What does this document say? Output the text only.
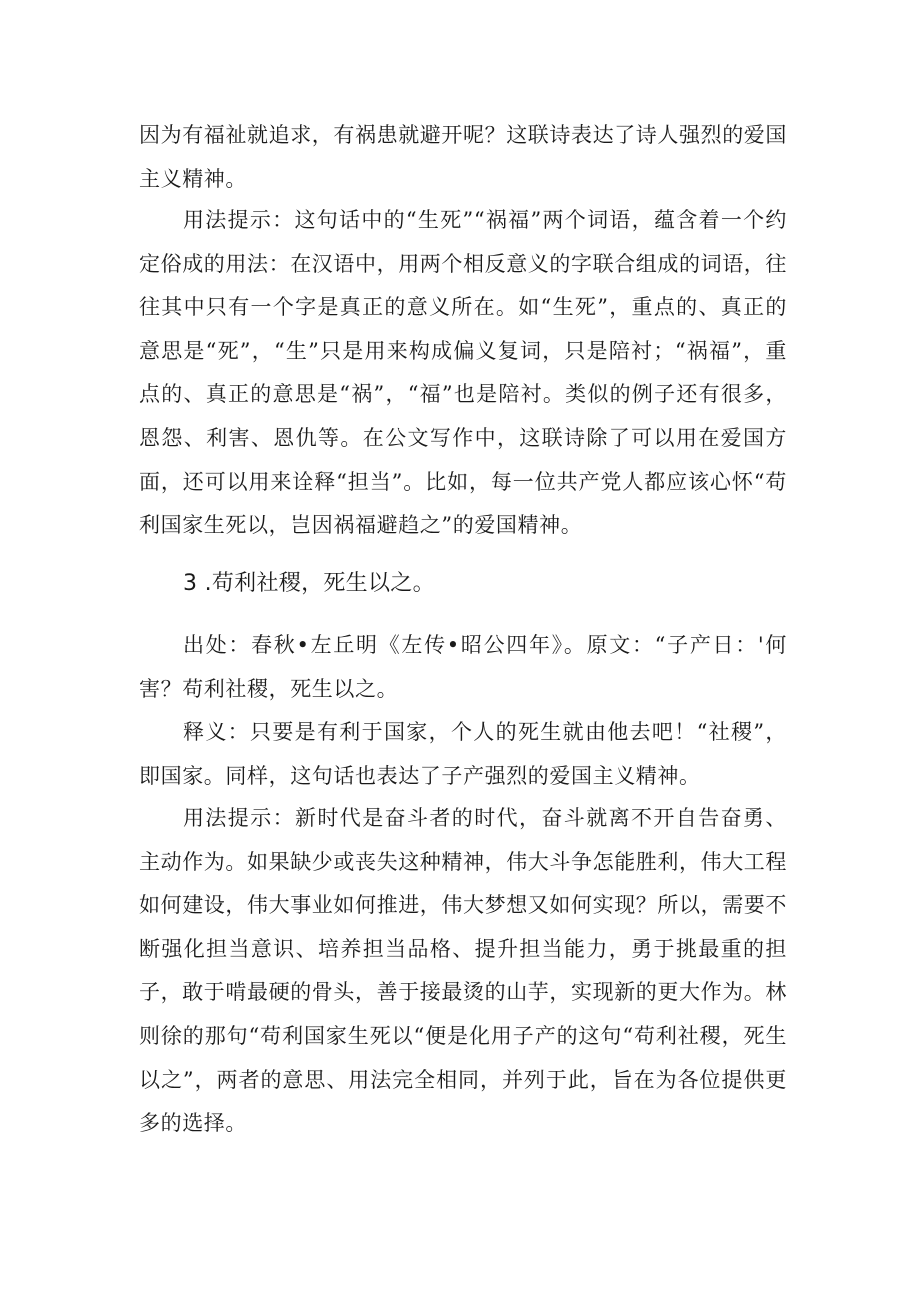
因为有福祉就追求，有祸患就避开呢？这联诗表达了诗人强烈的爱国主义精神。

用法提示：这句话中的“生死”“祸福”两个词语，蕴含着一个约定俗成的用法：在汉语中，用两个相反意义的字联合组成的词语，往往其中只有一个字是真正的意义所在。如“生死”，重点的、真正的意思是“死”，“生”只是用来构成偏义复词，只是陪衬；“祸福”，重点的、真正的意思是“祸”，“福”也是陪衬。类似的例子还有很多，恩怨、利害、恩仇等。在公文写作中，这联诗除了可以用在爱国方面，还可以用来诠释“担当”。比如，每一位共产党人都应该心怀“苟利国家生死以，岂因祸福避趋之”的爱国精神。

3 .苟利社稷，死生以之。

出处：春秋•左丘明《左传•昭公四年》。原文：“子产日：'何害？苟利社稷，死生以之。

释义：只要是有利于国家，个人的死生就由他去吧！“社稷”，即国家。同样，这句话也表达了子产强烈的爱国主义精神。

用法提示：新时代是奋斗者的时代，奋斗就离不开自告奋勇、主动作为。如果缺少或丧失这种精神，伟大斗争怎能胜利，伟大工程如何建设，伟大事业如何推进，伟大梦想又如何实现？所以，需要不断强化担当意识、培养担当品格、提升担当能力，勇于挑最重的担子，敢于啃最硬的骨头，善于接最烫的山芋，实现新的更大作为。林则徐的那句“苟利国家生死以“便是化用子产的这句“苟利社稷，死生以之”，两者的意思、用法完全相同，并列于此，旨在为各位提供更多的选择。
